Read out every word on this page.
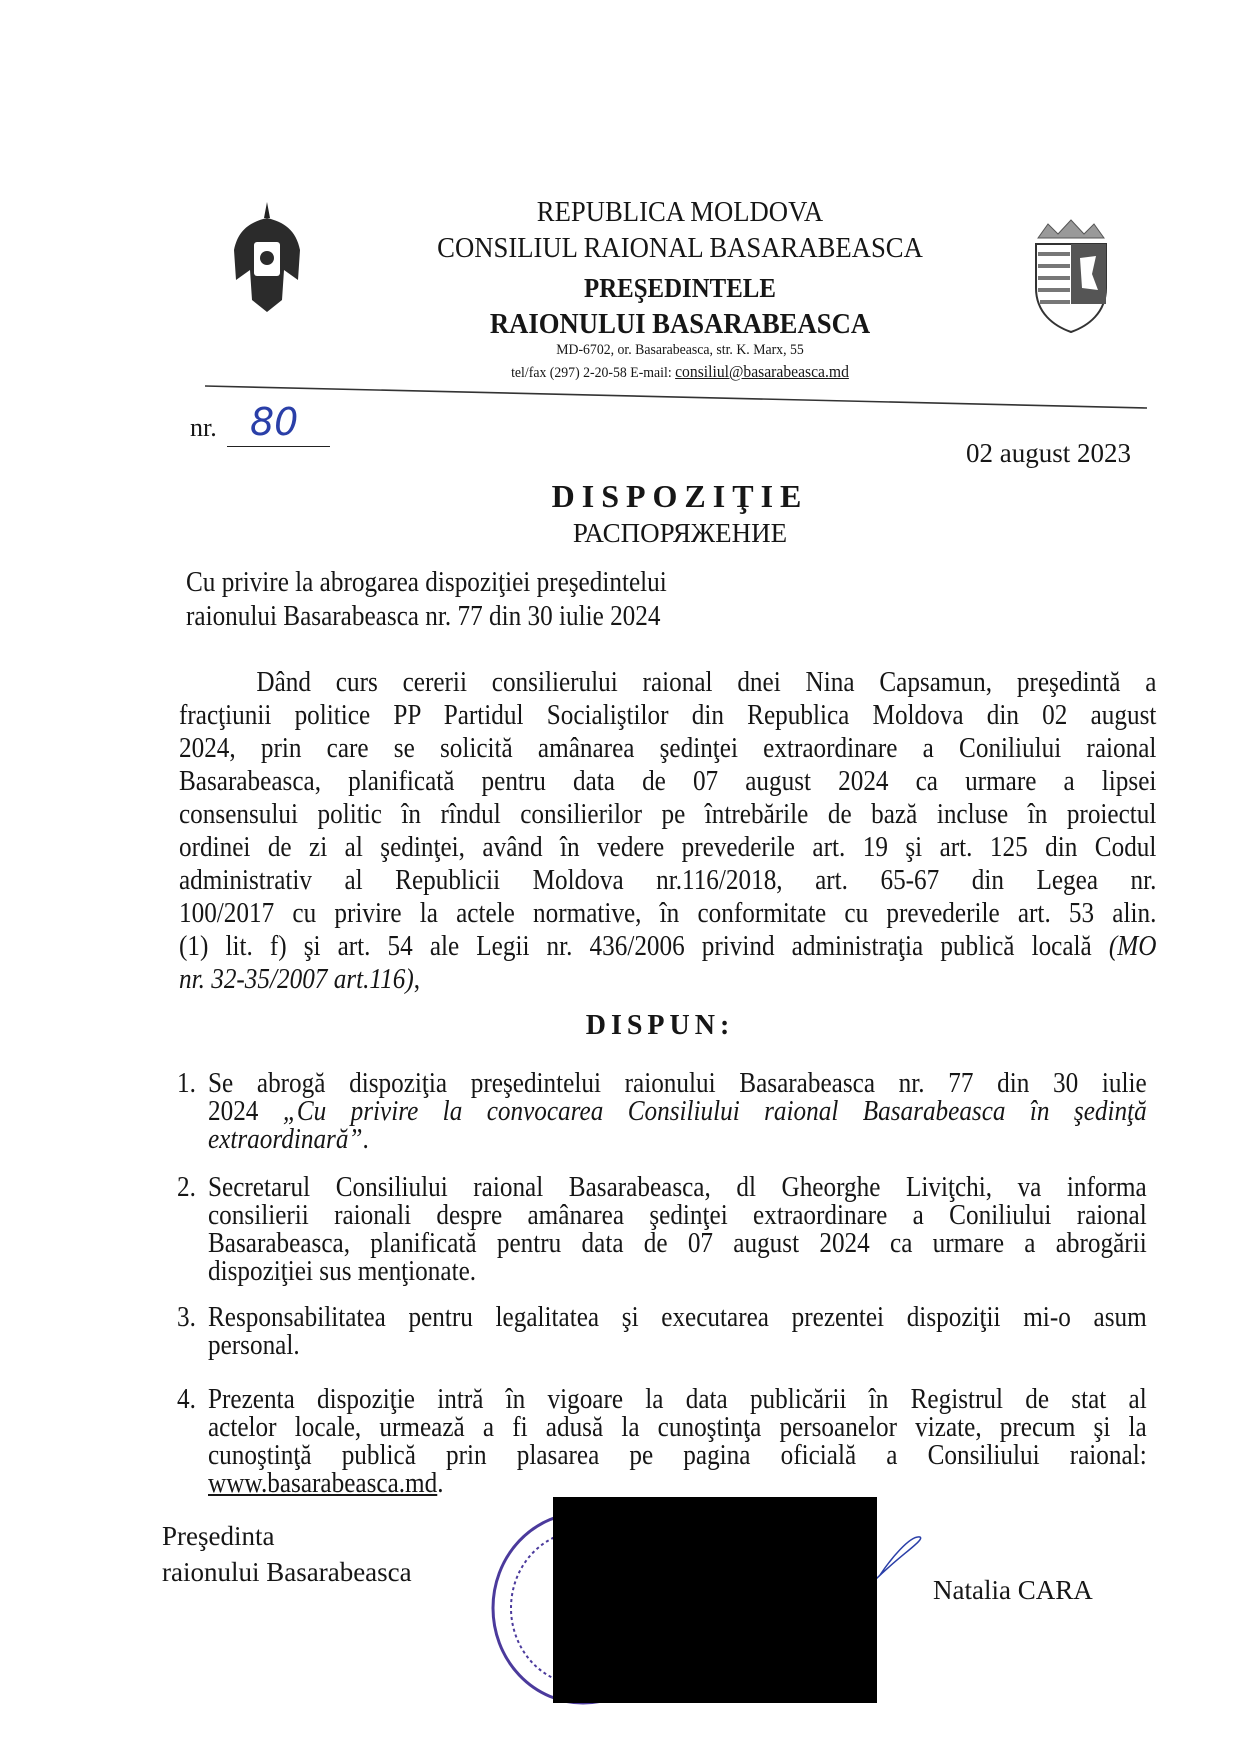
REPUBLICA MOLDOVA
CONSILIUL RAIONAL BASARABEASCA
PREŞEDINTELE
RAIONULUI BASARABEASCA
MD-6702, or. Basarabeasca, str. K. Marx, 55
tel/fax (297) 2-20-58 E-mail: consiliul@basarabeasca.md
nr. 80
02 august 2023
DISPOZIŢIE
РАСПОРЯЖЕНИЕ
Cu privire la abrogarea dispoziţiei preşedintelui
raionului Basarabeasca nr. 77 din 30 iulie 2024
Dând curs cererii consilierului raional dnei Nina Capsamun, preşedintă a
fracţiunii politice PP Partidul Socialiştilor din Republica Moldova din 02 august
2024, prin care se solicită amânarea şedinţei extraordinare a Coniliului raional
Basarabeasca, planificată pentru data de 07 august 2024 ca urmare a lipsei
consensului politic în rîndul consilierilor pe întrebările de bază incluse în proiectul
ordinei de zi al şedinţei, având în vedere prevederile art. 19 şi art. 125 din Codul
administrativ al Republicii Moldova nr.116/2018, art. 65-67 din Legea nr.
100/2017 cu privire la actele normative, în conformitate cu prevederile art. 53 alin.
(1) lit. f) şi art. 54 ale Legii nr. 436/2006 privind administraţia publică locală (MO
nr. 32-35/2007 art.116),
DISPUN:
1. Se abrogă dispoziţia preşedintelui raionului Basarabeasca nr. 77 din 30 iulie
2024 „Cu privire la convocarea Consiliului raional Basarabeasca în şedinţă
extraordinară”.
2. Secretarul Consiliului raional Basarabeasca, dl Gheorghe Liviţchi, va informa
consilierii raionali despre amânarea şedinţei extraordinare a Coniliului raional
Basarabeasca, planificată pentru data de 07 august 2024 ca urmare a abrogării
dispoziţiei sus menţionate.
3. Responsabilitatea pentru legalitatea şi executarea prezentei dispoziţii mi-o asum
personal.
4. Prezenta dispoziţie intră în vigoare la data publicării în Registrul de stat al
actelor locale, urmează a fi adusă la cunoştinţa persoanelor vizate, precum şi la
cunoştinţă publică prin plasarea pe pagina oficială a Consiliului raional:
www.basarabeasca.md.
Preşedinta
raionului Basarabeasca
Natalia CARA
